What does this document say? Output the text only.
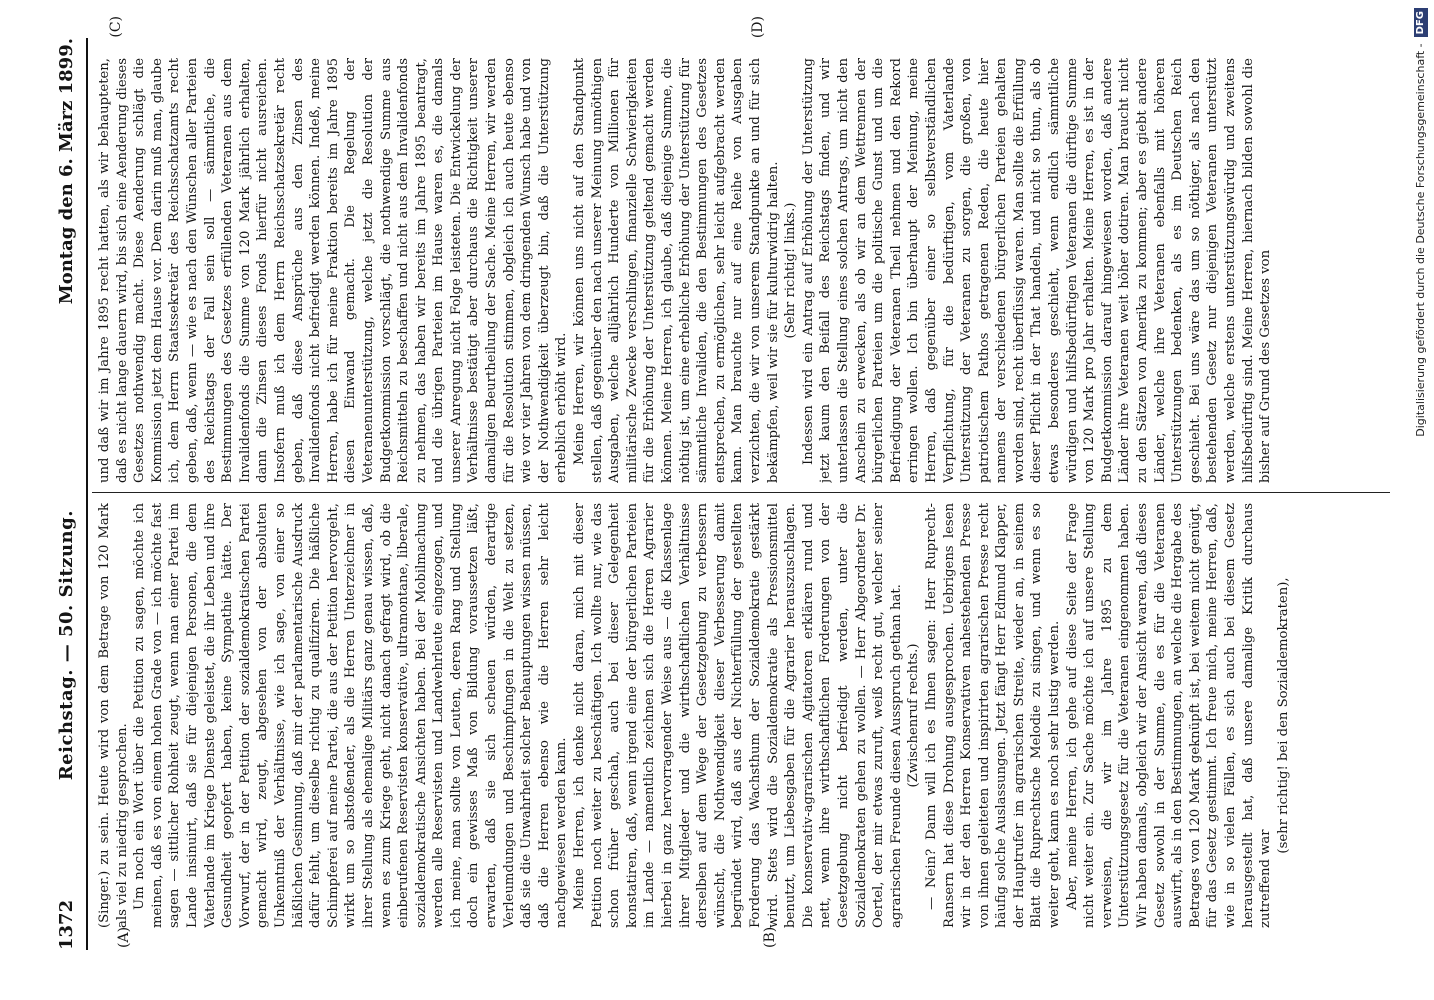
1372
Reichstag. — 50. Sitzung.
Montag den 6. März 1899.
(A)	(B)

(Singer.) zu sein. Heute wird von dem Betrage von 120 Mark als viel zu niedrig gesprochen. Um noch ein Wort über die Petition zu sagen, möchte ich meinen, daß es von einem hohen Grade von — ich möchte fast sagen — sittlicher Rohheit zeugt, wenn man einer Partei im Lande insinuirt, daß sie für diejenigen Personen, die dem Vaterlande im Kriege Dienste geleistet, die ihr Leben und ihre Gesundheit geopfert haben, keine Sympathie hätte. Der Vorwurf, der in der Petition der sozialdemokratischen Partei gemacht wird, zeugt, abgesehen von der absoluten Unkenntniß der Verhältnisse, wie ich sage, von einer so häßlichen Gesinnung, daß mir der parlamentarische Ausdruck dafür fehlt, um dieselbe richtig zu qualifiziren. Die häßliche Schimpferei auf meine Partei, die aus der Petition hervorgeht, wirkt um so abstoßender, als die Herren Unterzeichner in ihrer Stellung als ehemalige Militärs ganz genau wissen, daß, wenn es zum Kriege geht, nicht danach gefragt wird, ob die einberufenen Reservisten konservative, ultramontane, liberale, sozialdemokratische Ansichten haben. Bei der Mobilmachung werden alle Reservisten und Landwehrleute eingezogen, und ich meine, man sollte von Leuten, deren Rang und Stellung doch ein gewisses Maß von Bildung voraussetzen läßt, erwarten, daß sie sich scheuen würden, derartige Verleumdungen und Beschimpfungen in die Welt zu setzen, daß sie die Unwahrheit solcher Behauptungen wissen müssen, daß die Herren ebenso wie die Herren sehr leicht nachgewiesen werden kann. Meine Herren, ich denke nicht daran, mich mit dieser Petition noch weiter zu beschäftigen. Ich wollte nur, wie das schon früher geschah, auch bei dieser Gelegenheit konstatiren, daß, wenn irgend eine der bürgerlichen Parteien im Lande — namentlich zeichnen sich die Herren Agrarier hierbei in ganz hervorragender Weise aus — die Klassenlage ihrer Mitglieder und die wirthschaftlichen Verhältnisse derselben auf dem Wege der Gesetzgebung zu verbessern wünscht, die Nothwendigkeit dieser Verbesserung damit begründet wird, daß aus der Nichterfüllung der gestellten Forderung das Wachsthum der Sozialdemokratie gestärkt wird. Stets wird die Sozialdemokratie als Pressionsmittel benutzt, um Liebesgaben für die Agrarier herauszuschlagen. Die konservativ-agrarischen Agitatoren erklären rund und nett, wenn ihre wirthschaftlichen Forderungen von der Gesetzgebung nicht befriedigt werden, unter die Sozialdemokraten gehen zu wollen. — Herr Abgeordneter Dr. Oertel, der mir etwas zuruft, weiß recht gut, welcher seiner agrarischen Freunde diesen Ausspruch gethan hat. (Zwischenruf rechts.) — Nein? Dann will ich es Ihnen sagen: Herr Ruprecht-Ransern hat diese Drohung ausgesprochen. Uebrigens lesen wir in der den Herren Konservativen nahestehenden Presse von ihnen geleiteten und inspirirten agrarischen Presse recht häufig solche Auslassungen. Jetzt fängt Herr Edmund Klapper, der Hauptrufer im agrarischen Streite, wieder an, in seinem Blatt die Ruprechtsche Melodie zu singen, und wenn es so weiter geht, kann es noch sehr lustig werden. Aber, meine Herren, ich gehe auf diese Seite der Frage nicht weiter ein. Zur Sache möchte ich auf unsere Stellung verweisen, die wir im Jahre 1895 zu dem Unterstützungsgesetz für die Veteranen eingenommen haben. Wir haben damals, obgleich wir der Ansicht waren, daß dieses Gesetz sowohl in der Summe, die es für die Veteranen auswirft, als in den Bestimmungen, an welche die Hergabe des Betrages von 120 Mark geknüpft ist, bei weitem nicht genügt, für das Gesetz gestimmt. Ich freue mich, meine Herren, daß, wie in so vielen Fällen, es sich auch bei diesem Gesetz herausgestellt hat, daß unsere damalige Kritik durchaus zutreffend war

(sehr richtig! bei den Sozialdemokraten),

und daß wir im Jahre 1895 recht hatten, als wir behaupteten, daß es nicht lange dauern wird, bis sich eine Aenderung dieses Gesetzes nothwendig macht. Diese Aenderung schlägt die Kommission jetzt dem Hause vor. Dem darin muß man, glaube ich, dem Herrn Staatssekretär des Reichsschatzamts recht geben, daß, wenn — wie es nach den Wünschen aller Parteien des Reichstags der Fall sein soll — sämmtliche, die Bestimmungen des Gesetzes erfüllenden Veteranen aus dem Invalidenfonds die Summe von 120 Mark jährlich erhalten, dann die Zinsen dieses Fonds hierfür nicht ausreichen. Insofern muß ich dem Herrn Reichsschatzsekretär recht geben, daß diese Ansprüche aus den Zinsen des Invalidenfonds nicht befriedigt werden können. Indeß, meine Herren, habe ich für meine Fraktion bereits im Jahre 1895 diesen Einwand gemacht. Die Regelung der Veteranenunterstützung, welche jetzt die Resolution der Budgetkommission vorschlägt, die nothwendige Summe aus Reichsmitteln zu beschaffen und nicht aus dem Invalidenfonds zu nehmen, das haben wir bereits im Jahre 1895 beantragt, und die übrigen Parteien im Hause waren es, die damals unserer Anregung nicht Folge leisteten. Die Entwickelung der Verhältnisse bestätigt aber durchaus die Richtigkeit unserer damaligen Beurtheilung der Sache. Meine Herren, wir werden für die Resolution stimmen, obgleich ich auch heute ebenso wie vor vier Jahren von dem dringenden Wunsch habe und von der Nothwendigkeit überzeugt bin, daß die Unterstützung erheblich erhöht wird. Meine Herren, wir können uns nicht auf den Standpunkt stellen, daß gegenüber den nach unserer Meinung unnöthigen Ausgaben, welche alljährlich Hunderte von Millionen für militärische Zwecke verschlingen, finanzielle Schwierigkeiten für die Erhöhung der Unterstützung geltend gemacht werden können. Meine Herren, ich glaube, daß diejenige Summe, die nöthig ist, um eine erhebliche Erhöhung der Unterstützung für sämmtliche Invaliden, die den Bestimmungen des Gesetzes entsprechen, zu ermöglichen, sehr leicht aufgebracht werden kann. Man brauchte nur auf eine Reihe von Ausgaben verzichten, die wir von unserem Standpunkte an und für sich bekämpfen, weil wir sie für kulturwidrig halten. (Sehr richtig! links.) Indessen wird ein Antrag auf Erhöhung der Unterstützung jetzt kaum den Beifall des Reichstags finden, und wir unterlassen die Stellung eines solchen Antrags, um nicht den Anschein zu erwecken, als ob wir an dem Wettrennen der bürgerlichen Parteien um die politische Gunst und um die Befriedigung der Veteranen Theil nehmen und den Rekord erringen wollen. Ich bin überhaupt der Meinung, meine Herren, daß gegenüber einer so selbstverständlichen Verpflichtung, für die bedürftigen, vom Vaterlande Unterstützung der Veteranen zu sorgen, die großen, von patriotischem Pathos getragenen Reden, die heute hier namens der verschiedenen bürgerlichen Parteien gehalten worden sind, recht überflüssig waren. Man sollte die Erfüllung dieser Pflicht in der That handeln, und nicht so thun, als ob etwas besonderes geschieht, wenn endlich sämmtliche würdigen und hilfsbedürftigen Veteranen die dürftige Summe von 120 Mark pro Jahr erhalten. Meine Herren, es ist in der Budgetkommission darauf hingewiesen worden, daß andere Länder ihre Veteranen weit höher dotiren. Man braucht nicht zu den Sätzen von Amerika zu kommen; aber es giebt andere Länder, welche ihre Veteranen ebenfalls mit höheren Unterstützungen bedenken, als es im Deutschen Reich geschieht. Bei uns wäre das um so nöthiger, als nach den bestehenden Gesetz nur diejenigen Veteranen unterstützt werden, welche erstens unterstützungswürdig und zweitens hilfsbedürftig sind. Meine Herren, hiernach bilden sowohl die bisher auf Grund des Gesetzes von

(C)	(D)
Digitalisierung gefördert durch die Deutsche Forschungsgemeinschaft -DFG
